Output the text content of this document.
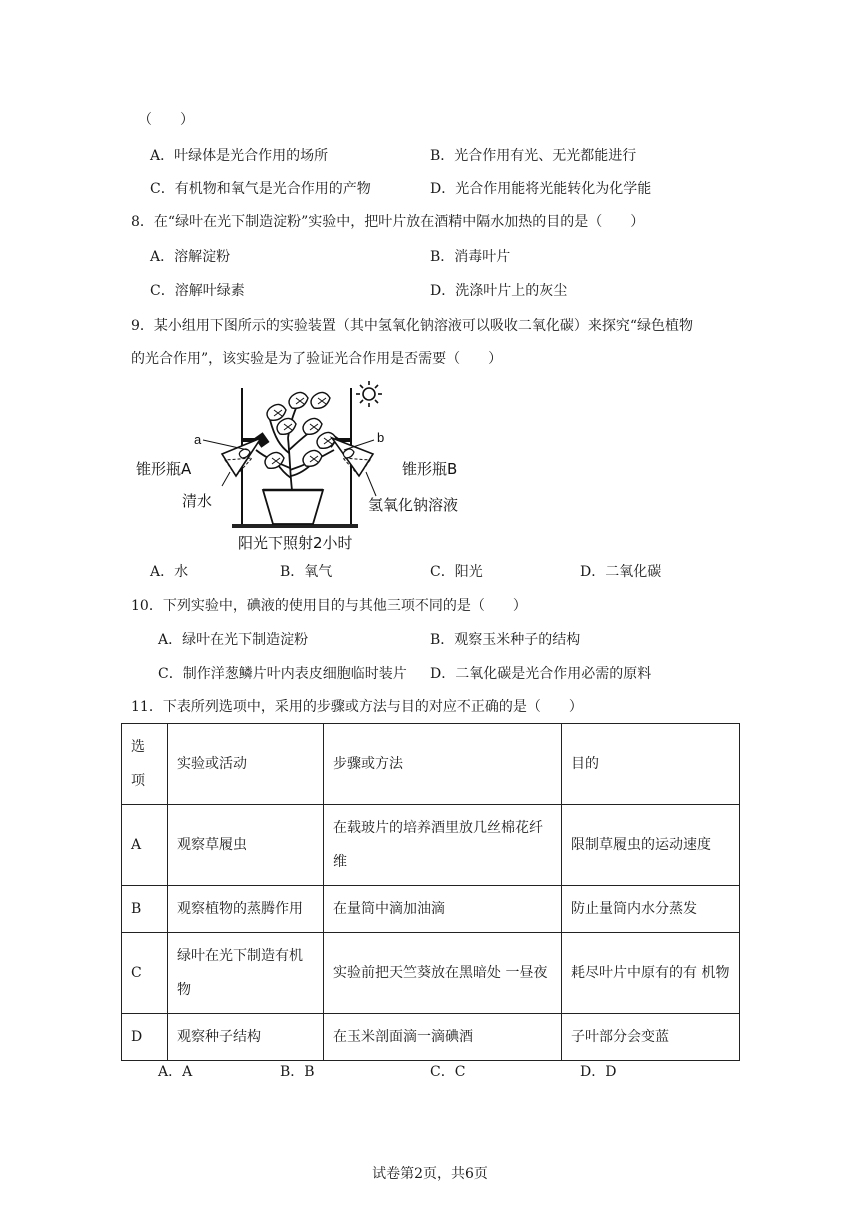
（　　）
A．叶绿体是光合作用的场所	B．光合作用有光、无光都能进行
C．有机物和氧气是光合作用的产物	D．光合作用能将光能转化为化学能
8．在“绿叶在光下制造淀粉”实验中，把叶片放在酒精中隔水加热的目的是（　　）
A．溶解淀粉	B．消毒叶片
C．溶解叶绿素	D．洗涤叶片上的灰尘
9．某小组用下图所示的实验装置（其中氢氧化钠溶液可以吸收二氧化碳）来探究“绿色植物
的光合作用”，该实验是为了验证光合作用是否需要（　　）
a	b
锥形瓶A	锥形瓶B
清水	氢氧化钠溶液
阳光下照射2小时
A．水	B．氧气	C．阳光	D．二氧化碳
10．下列实验中，碘液的使用目的与其他三项不同的是（　　）
A．绿叶在光下制造淀粉	B．观察玉米种子的结构
C．制作洋葱鳞片叶内表皮细胞临时装片 D．二氧化碳是光合作用必需的原料
11．下表所列选项中，采用的步骤或方法与目的对应不正确的是（　　）
选项	实验或活动	步骤或方法	目的
A	观察草履虫	在载玻片的培养酒里放几丝棉花纤维	限制草履虫的运动速度
B	观察植物的蒸腾作用	在量筒中滴加油滴	防止量筒内水分蒸发
C	绿叶在光下制造有机物	实验前把天竺葵放在黑暗处 一昼夜	耗尽叶片中原有的有 机物
D	观察种子结构	在玉米剖面滴一滴碘酒	子叶部分会变蓝
A．A	B．B	C．C	D．D
试卷第2页，共6页
